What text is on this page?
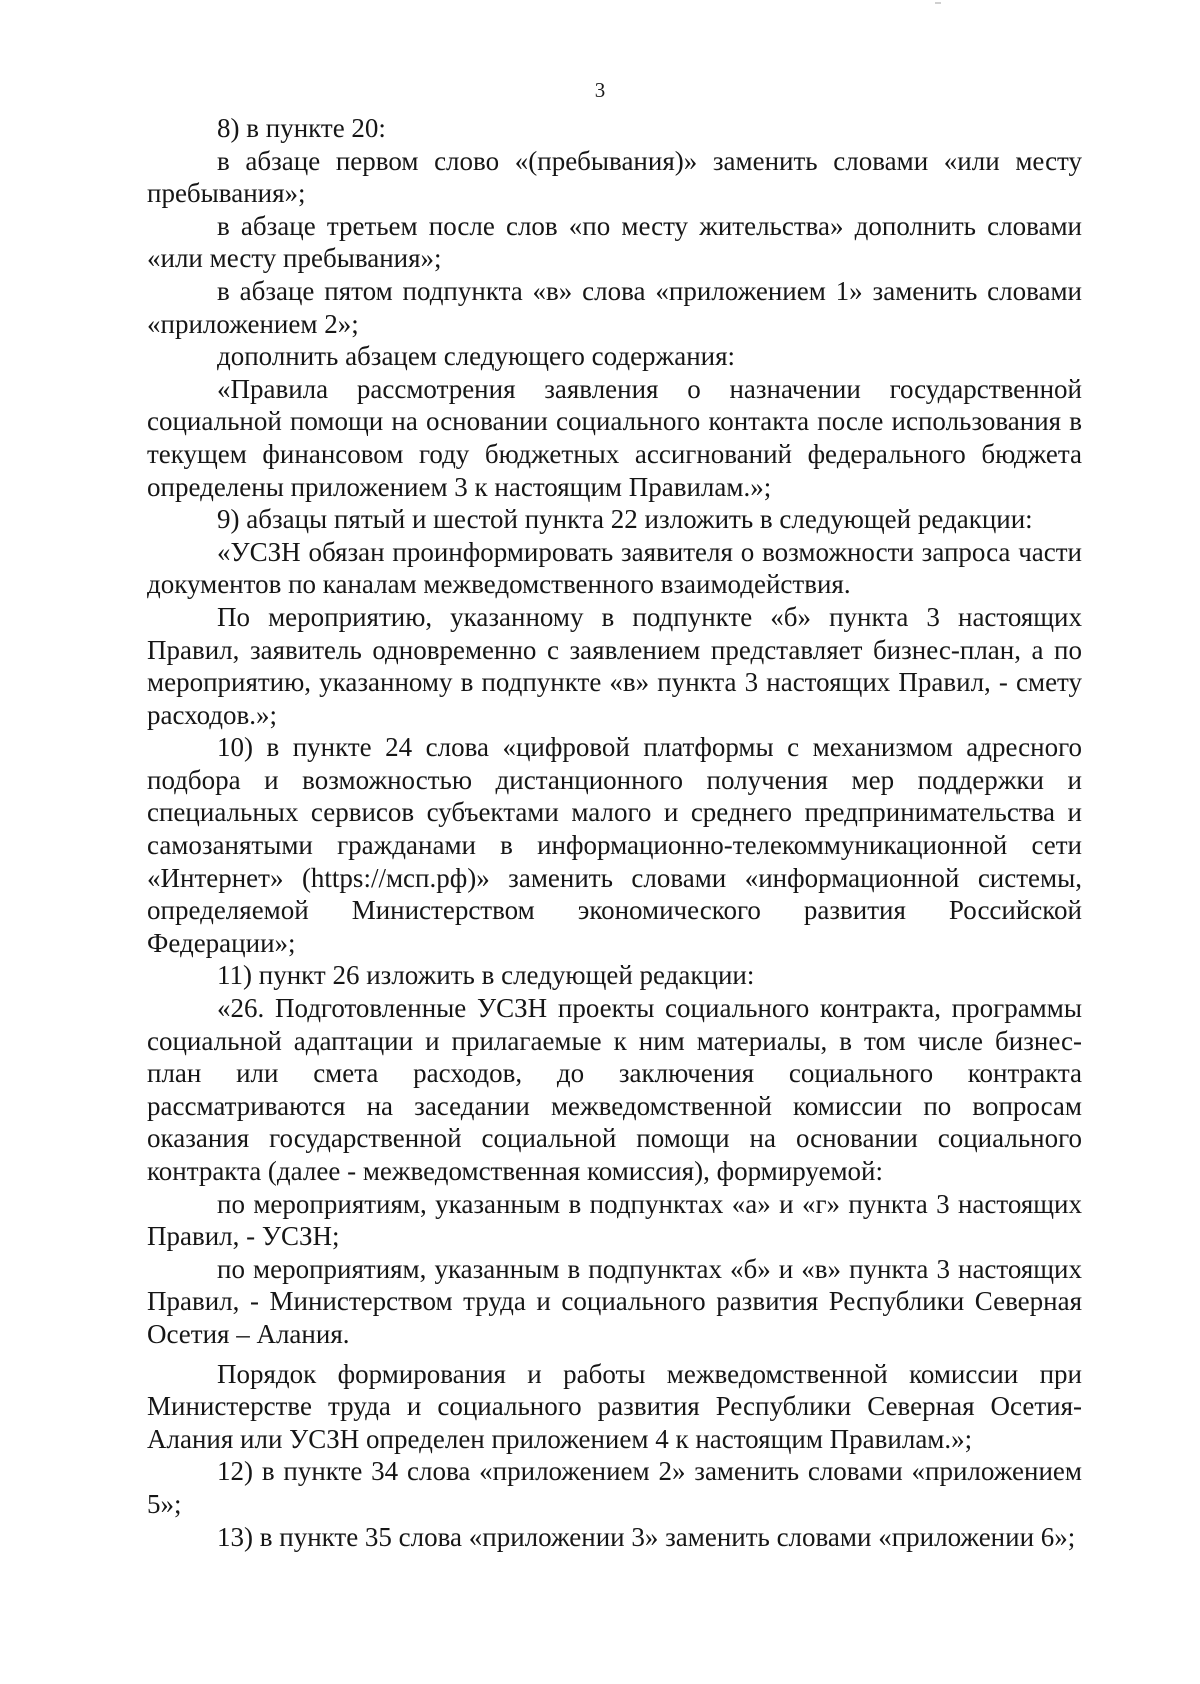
3

8) в пункте 20:

в абзаце первом слово «(пребывания)» заменить словами «или месту пребывания»;

в абзаце третьем после слов «по месту жительства» дополнить словами «или месту пребывания»;

в абзаце пятом подпункта «в» слова «приложением 1» заменить словами «приложением 2»;

дополнить абзацем следующего содержания:

«Правила рассмотрения заявления о назначении государственной социальной помощи на основании социального контакта после использования в текущем финансовом году бюджетных ассигнований федерального бюджета определены приложением 3 к настоящим Правилам.»;

9) абзацы пятый и шестой пункта 22 изложить в следующей редакции:

«УСЗН обязан проинформировать заявителя о возможности запроса части документов по каналам межведомственного взаимодействия.

По мероприятию, указанному в подпункте «б» пункта 3 настоящих Правил, заявитель одновременно с заявлением представляет бизнес-план, а по мероприятию, указанному в подпункте «в» пункта 3 настоящих Правил, - смету расходов.»;

10) в пункте 24 слова «цифровой платформы с механизмом адресного подбора и возможностью дистанционного получения мер поддержки и специальных сервисов субъектами малого и среднего предпринимательства и самозанятыми гражданами в информационно-телекоммуникационной сети «Интернет» (https://мсп.рф)» заменить словами «информационной системы, определяемой Министерством экономического развития Российской Федерации»;

11) пункт 26 изложить в следующей редакции:

«26. Подготовленные УСЗН проекты социального контракта, программы социальной адаптации и прилагаемые к ним материалы, в том числе бизнес-план или смета расходов, до заключения социального контракта рассматриваются на заседании межведомственной комиссии по вопросам оказания государственной социальной помощи на основании социального контракта (далее - межведомственная комиссия), формируемой:

по мероприятиям, указанным в подпунктах «а» и «г» пункта 3 настоящих Правил, - УСЗН;

по мероприятиям, указанным в подпунктах «б» и «в» пункта 3 настоящих Правил, - Министерством труда и социального развития Республики Северная Осетия – Алания.

Порядок формирования и работы межведомственной комиссии при Министерстве труда и социального развития Республики Северная Осетия-Алания или УСЗН определен приложением 4 к настоящим Правилам.»;

12) в пункте 34 слова «приложением 2» заменить словами «приложением 5»;

13) в пункте 35 слова «приложении 3» заменить словами «приложении 6»;
